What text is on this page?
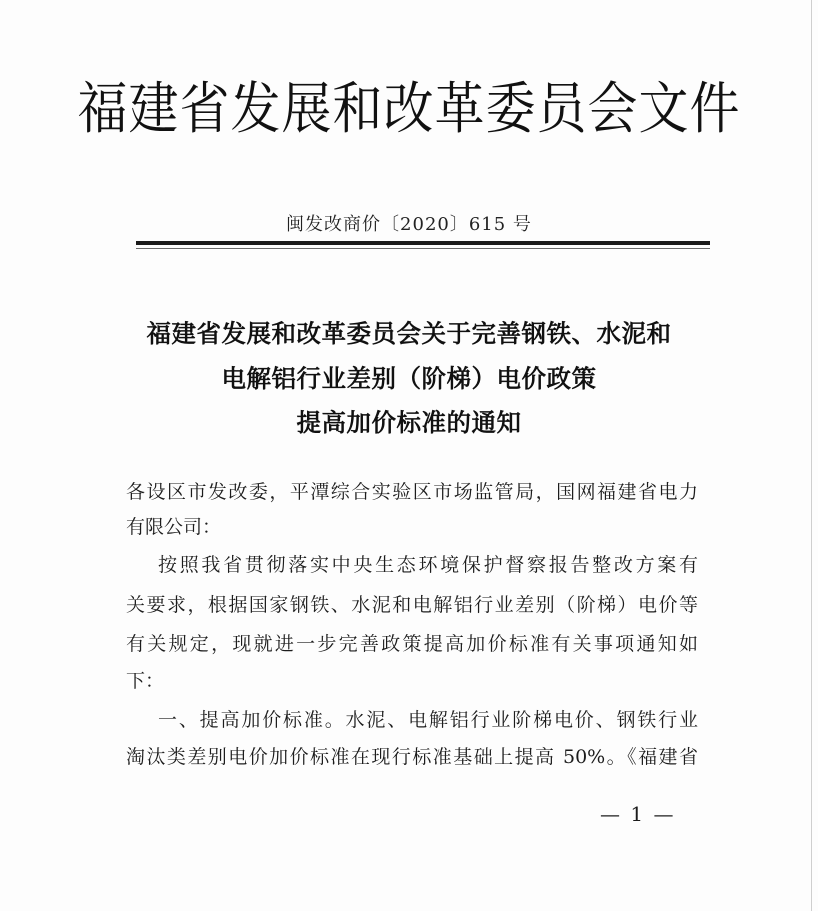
福建省发展和改革委员会文件
闽发改商价〔2020〕615 号
福建省发展和改革委员会关于完善钢铁、水泥和
电解铝行业差别（阶梯）电价政策
提高加价标准的通知
各设区市发改委，平潭综合实验区市场监管局，国网福建省电力
有限公司：
按照我省贯彻落实中央生态环境保护督察报告整改方案有
关要求，根据国家钢铁、水泥和电解铝行业差别（阶梯）电价等
有关规定，现就进一步完善政策提高加价标准有关事项通知如
下：
一、提高加价标准。水泥、电解铝行业阶梯电价、钢铁行业
淘汰类差别电价加价标准在现行标准基础上提高 50%。《福建省
— 1 —
